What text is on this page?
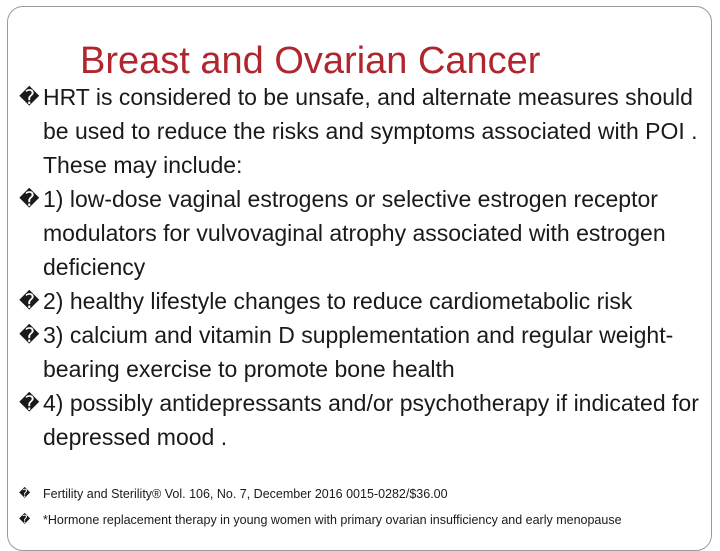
Breast and Ovarian Cancer
� HRT is considered to be unsafe, and alternate measures should be used to reduce the risks and symptoms associated with POI . These may include:
� 1) low-dose vaginal estrogens or selective estrogen receptor modulators for vulvovaginal atrophy associated with estrogen deficiency
� 2) healthy lifestyle changes to reduce cardiometabolic risk
� 3) calcium and vitamin D supplementation and regular weight-bearing exercise to promote bone health
� 4) possibly antidepressants and/or psychotherapy if indicated for depressed mood .
�	Fertility and Sterility® Vol. 106, No. 7, December 2016 0015-0282/$36.00
�	*Hormone replacement therapy in young women with primary ovarian insufficiency and early menopause
